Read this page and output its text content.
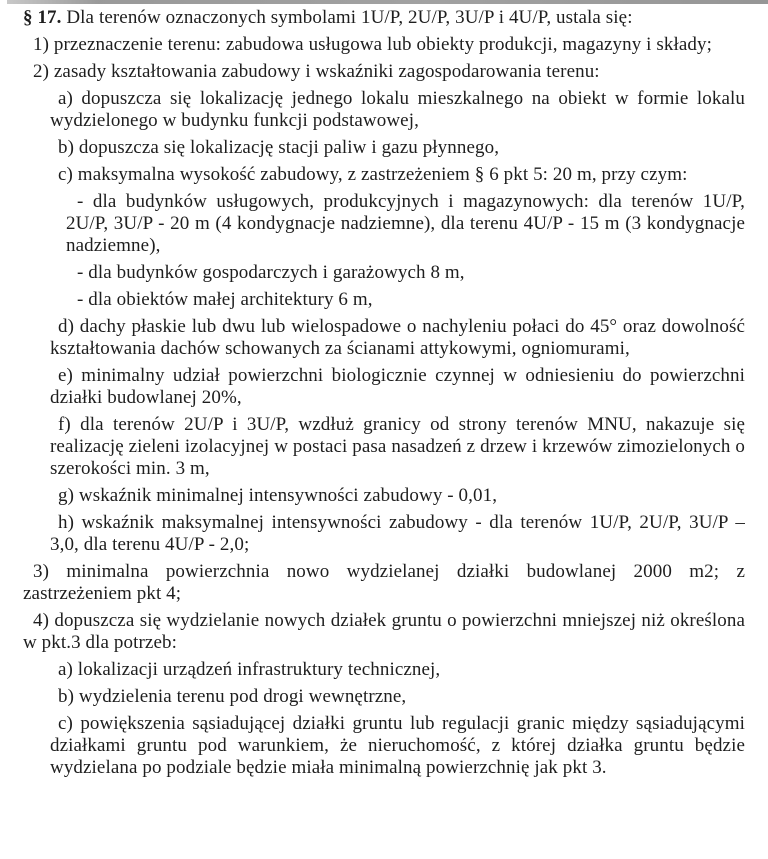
§ 17. Dla terenów oznaczonych symbolami 1U/P, 2U/P, 3U/P i 4U/P, ustala się:

1) przeznaczenie terenu: zabudowa usługowa lub obiekty produkcji, magazyny i składy;

2) zasady kształtowania zabudowy i wskaźniki zagospodarowania terenu:

a) dopuszcza się lokalizację jednego lokalu mieszkalnego na obiekt w formie lokalu wydzielonego w budynku funkcji podstawowej,

b) dopuszcza się lokalizację stacji paliw i gazu płynnego,

c) maksymalna wysokość zabudowy, z zastrzeżeniem § 6 pkt 5: 20 m, przy czym:

- dla budynków usługowych, produkcyjnych i magazynowych: dla terenów 1U/P, 2U/P, 3U/P - 20 m (4 kondygnacje nadziemne), dla terenu 4U/P - 15 m (3 kondygnacje nadziemne),

- dla budynków gospodarczych i garażowych 8 m,

- dla obiektów małej architektury 6 m,

d) dachy płaskie lub dwu lub wielospadowe o nachyleniu połaci do 45° oraz dowolność kształtowania dachów schowanych za ścianami attykowymi, ogniomurami,

e) minimalny udział powierzchni biologicznie czynnej w odniesieniu do powierzchni działki budowlanej 20%,

f) dla terenów 2U/P i 3U/P, wzdłuż granicy od strony terenów MNU, nakazuje się realizację zieleni izolacyjnej w postaci pasa nasadzeń z drzew i krzewów zimozielonych o szerokości min. 3 m,

g) wskaźnik minimalnej intensywności zabudowy - 0,01,

h) wskaźnik maksymalnej intensywności zabudowy - dla terenów 1U/P, 2U/P, 3U/P – 3,0, dla terenu 4U/P - 2,0;

3) minimalna powierzchnia nowo wydzielanej działki budowlanej 2000 m2; z zastrzeżeniem pkt 4;

4) dopuszcza się wydzielanie nowych działek gruntu o powierzchni mniejszej niż określona w pkt.3 dla potrzeb:

a) lokalizacji urządzeń infrastruktury technicznej,

b) wydzielenia terenu pod drogi wewnętrzne,

c) powiększenia sąsiadującej działki gruntu lub regulacji granic między sąsiadującymi działkami gruntu pod warunkiem, że nieruchomość, z której działka gruntu będzie wydzielana po podziale będzie miała minimalną powierzchnię jak pkt 3.
